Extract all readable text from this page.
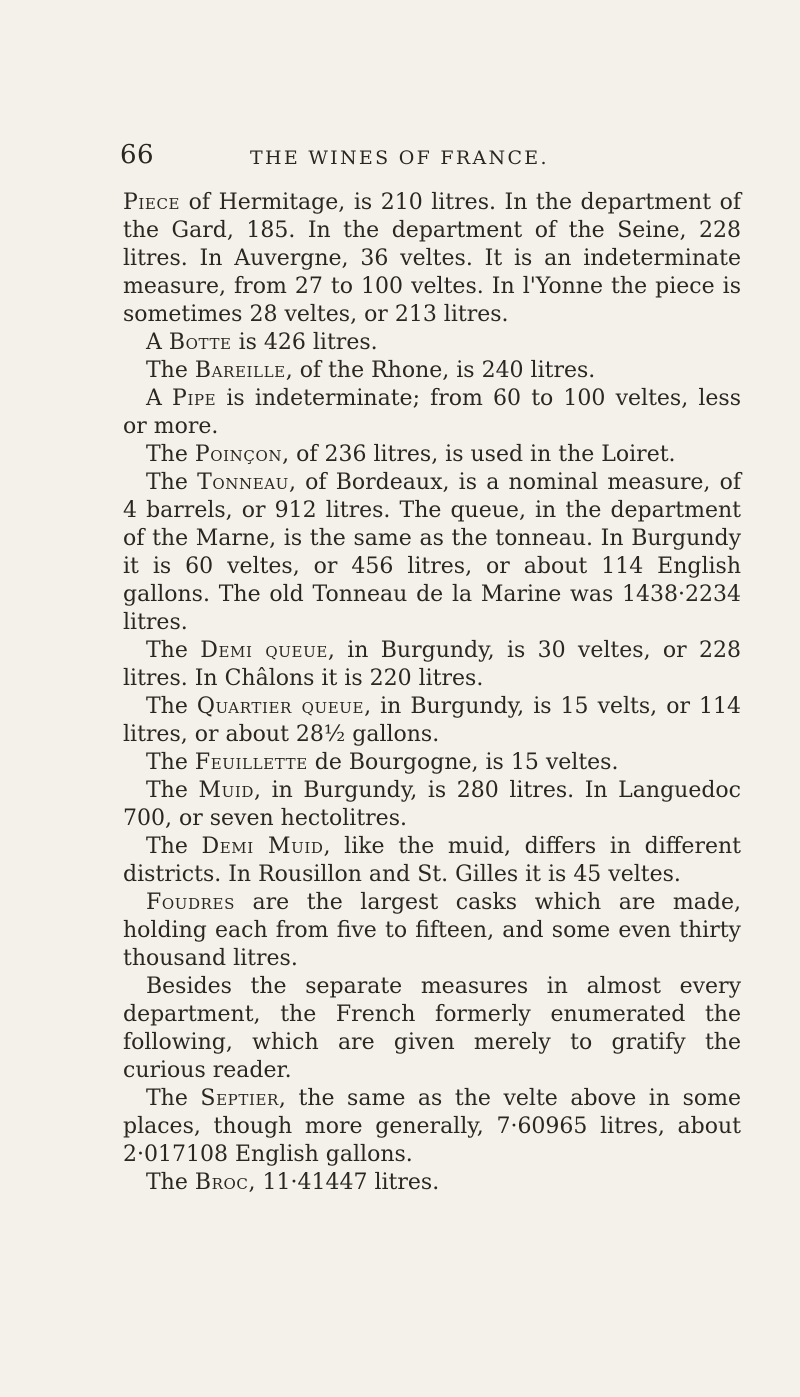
66	THE WINES OF FRANCE.

Piece of Hermitage, is 210 litres. In the department of the Gard, 185. In the department of the Seine, 228 litres. In Auvergne, 36 veltes. It is an indeterminate measure, from 27 to 100 veltes. In l'Yonne the piece is sometimes 28 veltes, or 213 litres.

A Botte is 426 litres.

The Bareille, of the Rhone, is 240 litres.

A Pipe is indeterminate; from 60 to 100 veltes, less or more.

The Poinçon, of 236 litres, is used in the Loiret.

The Tonneau, of Bordeaux, is a nominal measure, of 4 barrels, or 912 litres. The queue, in the department of the Marne, is the same as the tonneau. In Burgundy it is 60 veltes, or 456 litres, or about 114 English gallons. The old Tonneau de la Marine was 1438·2234 litres.

The Demi queue, in Burgundy, is 30 veltes, or 228 litres. In Châlons it is 220 litres.

The Quartier queue, in Burgundy, is 15 velts, or 114 litres, or about 28½ gallons.

The Feuillette de Bourgogne, is 15 veltes.

The Muid, in Burgundy, is 280 litres. In Languedoc 700, or seven hectolitres.

The Demi Muid, like the muid, differs in different districts. In Rousillon and St. Gilles it is 45 veltes.

Foudres are the largest casks which are made, holding each from five to fifteen, and some even thirty thousand litres.

Besides the separate measures in almost every department, the French formerly enumerated the following, which are given merely to gratify the curious reader.

The Septier, the same as the velte above in some places, though more generally, 7·60965 litres, about 2·017108 English gallons.

The Broc, 11·41447 litres.
